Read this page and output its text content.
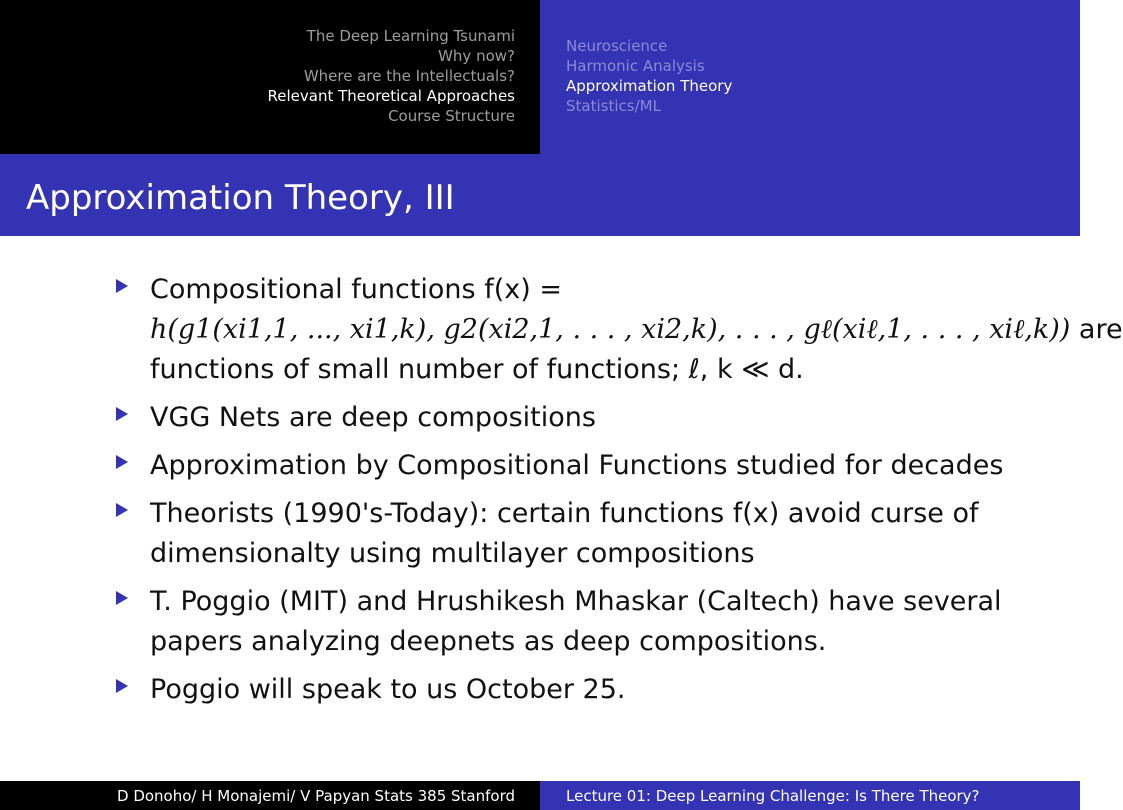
The Deep Learning Tsunami
Why now?
Where are the Intellectuals?
Relevant Theoretical Approaches
Course Structure
Neuroscience
Harmonic Analysis
Approximation Theory
Statistics/ML
Approximation Theory, III
Compositional functions f(x) =
h(g1(xi1,1, ..., xi1,k), g2(xi2,1, . . . , xi2,k), . . . , gℓ(xiℓ,1, . . . , xiℓ,k)) are
functions of small number of functions; ℓ, k ≪ d.
VGG Nets are deep compositions
Approximation by Compositional Functions studied for decades
Theorists (1990's-Today): certain functions f(x) avoid curse of dimensionalty using multilayer compositions
T. Poggio (MIT) and Hrushikesh Mhaskar (Caltech) have several papers analyzing deepnets as deep compositions.
Poggio will speak to us October 25.
D Donoho/ H Monajemi/ V Papyan Stats 385 Stanford	Lecture 01: Deep Learning Challenge: Is There Theory?
